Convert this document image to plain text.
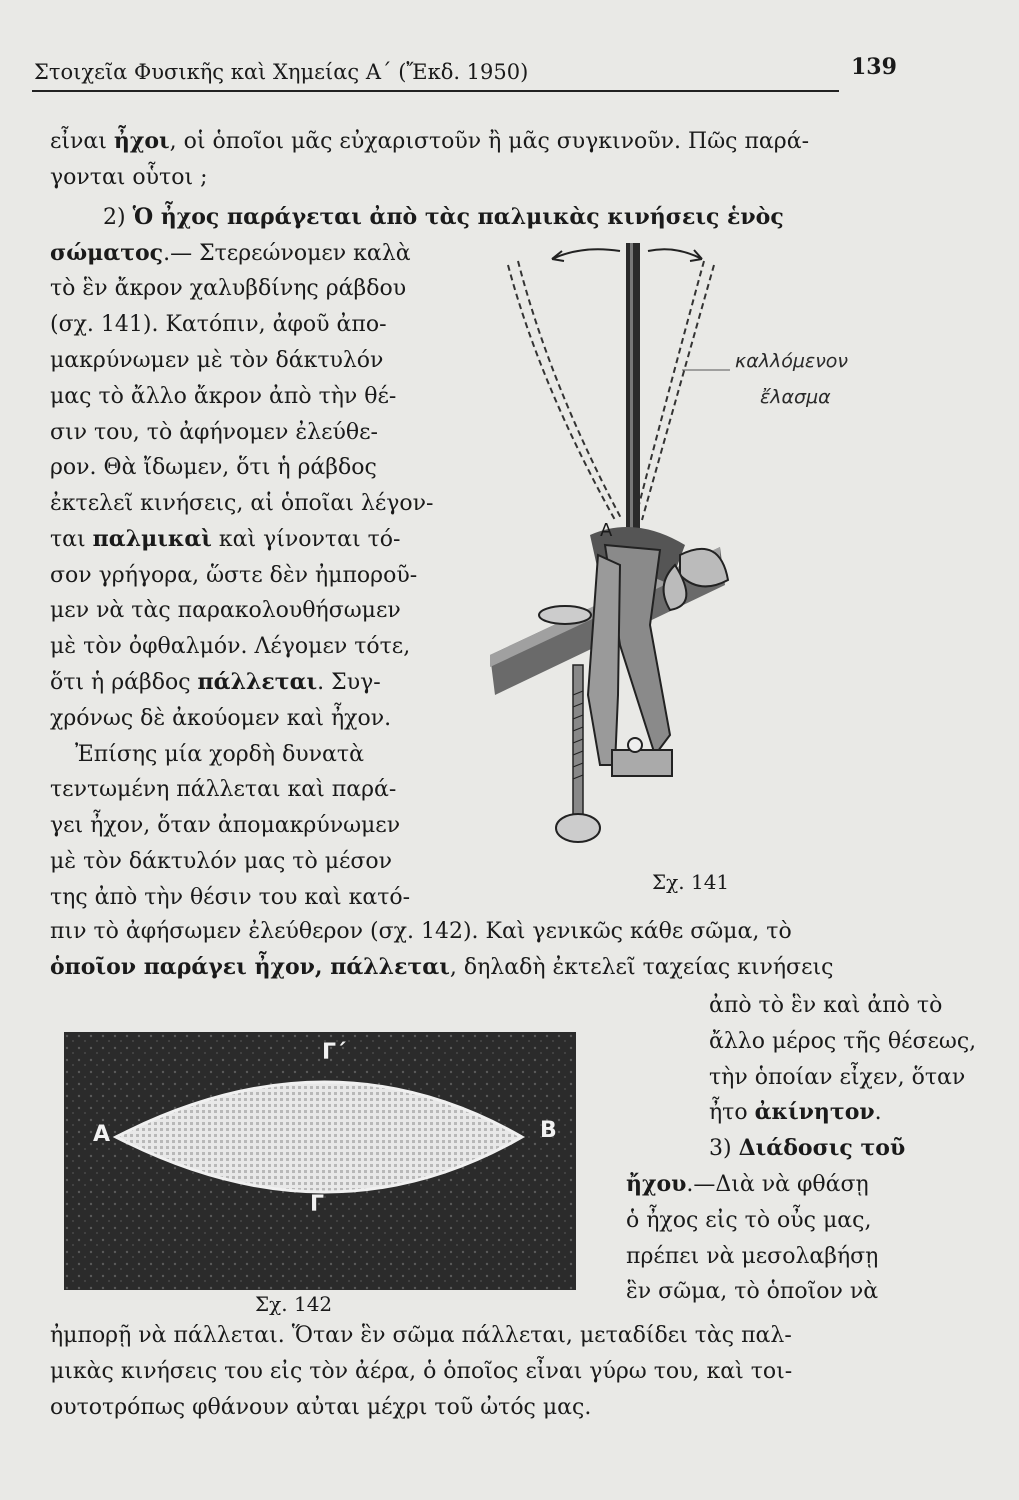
Στοιχεῖα Φυσικῆς καὶ Χημείας Α΄ (Ἔκδ. 1950)	139
εἶναι ἦχοι, οἱ ὁποῖοι μᾶς εὐχαριστοῦν ἢ μᾶς συγκινοῦν. Πῶς παρά-
γονται οὗτοι ;
2) Ὁ ἦχος παράγεται ἀπὸ τὰς παλμικὰς κινήσεις ἑνὸς
σώματος.— Στερεώνομεν καλὰ
τὸ ἓν ἄκρον χαλυβδίνης ράβδου
(σχ. 141). Κατόπιν, ἀφοῦ ἀπο-
μακρύνωμεν μὲ τὸν δάκτυλόν
μας τὸ ἄλλο ἄκρον ἀπὸ τὴν θέ-
σιν του, τὸ ἀφήνομεν ἐλεύθε-
ρον. Θὰ ἴδωμεν, ὅτι ἡ ράβδος
ἐκτελεῖ κινήσεις, αἱ ὁποῖαι λέγον-
ται παλμικαὶ καὶ γίνονται τό-
σον γρήγορα, ὥστε δὲν ἠμποροῦ-
μεν νὰ τὰς παρακολουθήσωμεν
μὲ τὸν ὀφθαλμόν. Λέγομεν τότε,
ὅτι ἡ ράβδος πάλλεται. Συγ-
χρόνως δὲ ἀκούομεν καὶ ἦχον.
Ἐπίσης μία χορδὴ δυνατὰ
τεντωμένη πάλλεται καὶ παρά-
γει ἦχον, ὅταν ἀπομακρύνωμεν
μὲ τὸν δάκτυλόν μας τὸ μέσον
της ἀπὸ τὴν θέσιν του καὶ κατό-
πιν τὸ ἀφήσωμεν ἐλεύθερον (σχ. 142). Καὶ γενικῶς κάθε σῶμα, τὸ
ὁποῖον παράγει ἦχον, πάλλεται, δηλαδὴ ἐκτελεῖ ταχείας κινήσεις
ἀπὸ τὸ ἓν καὶ ἀπὸ τὸ
ἄλλο μέρος τῆς θέσεως,
τὴν ὁποίαν εἶχεν, ὅταν
ἦτο ἀκίνητον.
3) Διάδοσις τοῦ
ἤχου.—Διὰ νὰ φθάσῃ
ὁ ἦχος εἰς τὸ οὖς μας,
πρέπει νὰ μεσολαβήσῃ
ἓν σῶμα, τὸ ὁποῖον νὰ
ἠμπορῇ νὰ πάλλεται. Ὅταν ἓν σῶμα πάλλεται, μεταδίδει τὰς παλ-
μικὰς κινήσεις του εἰς τὸν ἀέρα, ὁ ὁποῖος εἶναι γύρω του, καὶ τοι-
ουτοτρόπως φθάνουν αὐται μέχρι τοῦ ὠτός μας.
A
καλλόμενον
ἔλασμα
Σχ. 141
A	B
Γ΄
Γ
Σχ. 142
